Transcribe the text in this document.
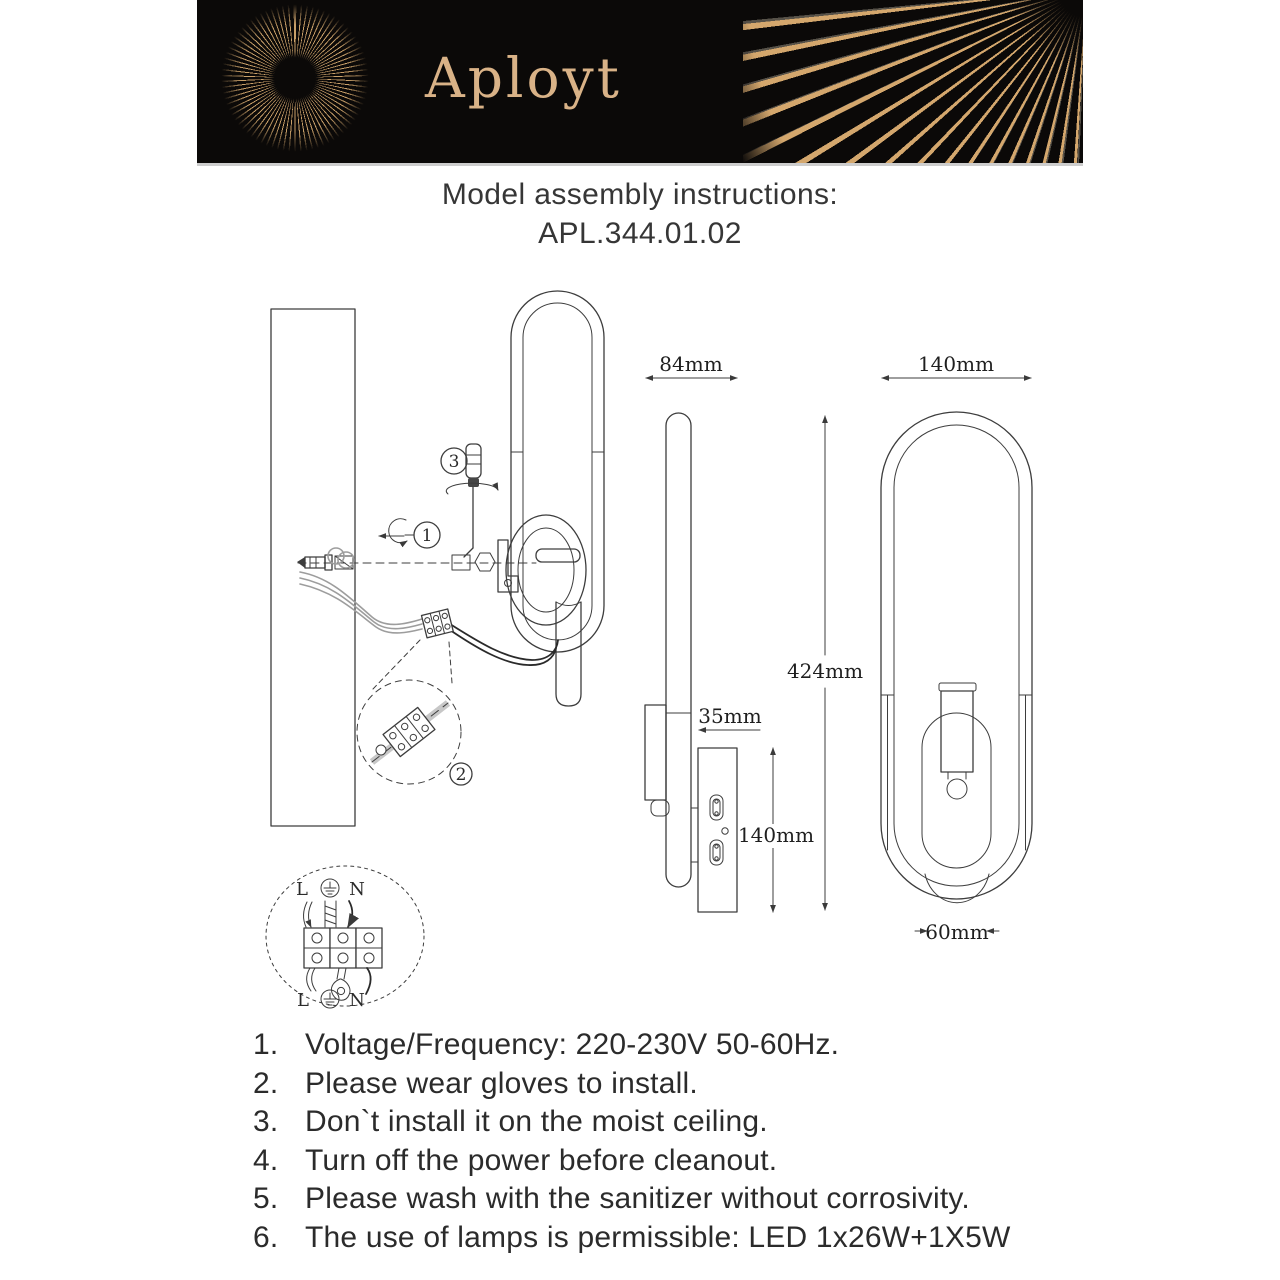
Aployt
Model assembly instructions:
APL.344.01.02
1
3
2
L N
L N
84mm
35mm
140mm
424mm
140mm
60mm
1. Voltage/Frequency: 220-230V 50-60Hz.
2. Please wear gloves to install.
3. Don`t install it on the moist ceiling.
4. Turn off the power before cleanout.
5. Please wash with the sanitizer without corrosivity.
6. The use of lamps is permissible: LED 1x26W+1X5W
